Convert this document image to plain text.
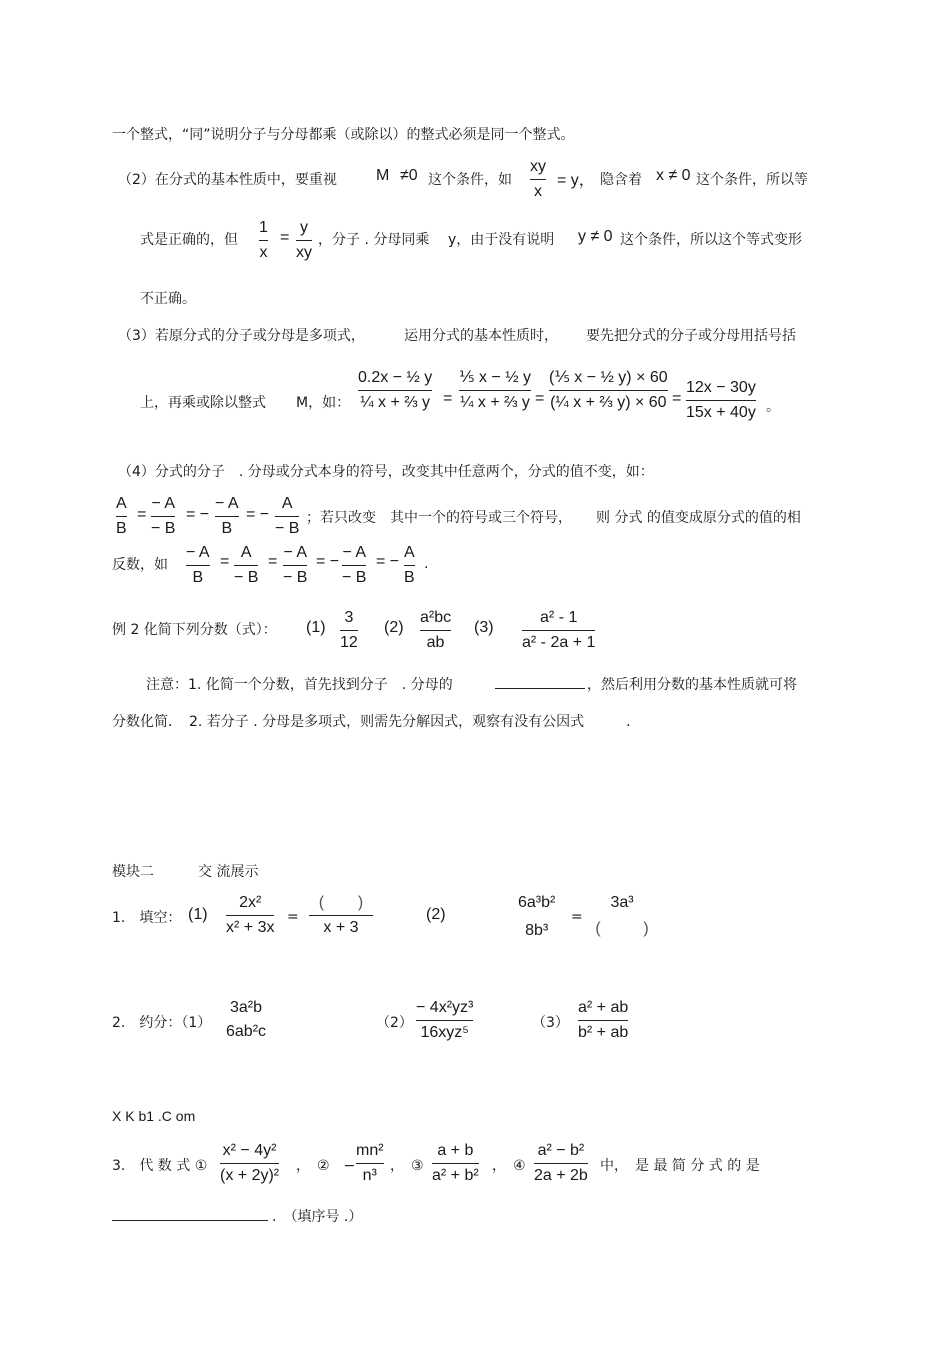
一个整式，“同”说明分子与分母都乘（或除以）的整式必须是同一个整式。
（2）在分式的基本性质中，要重视 M ≠0 这个条件，如
xy
x
= y， 隐含着 x ≠ 0 这个条件，所以等
式是正确的，但
1
x
=
y
xy
，分子 . 分母同乘 y，由于没有说明 y ≠ 0 这个条件，所以这个等式变形
不正确。
（3）若原分式的分子或分母是多项式，	运用分式的基本性质时， 要先把分式的分子或分母用括号括
上，再乘或除以整式 M，如：
0.2x − ½ y
¼ x + ⅔ y =
⅕ x − ½ y
¼ x + ⅔ y =
(⅕ x − ½ y) × 60
(¼ x + ⅔ y) × 60 =
12x − 30y
15x + 40y 。
（4）分式的分子　. 分母或分式本身的符号，改变其中任意两个，分式的值不变，如：
A
B
=
− A
− B
= −
− A
B
= −
A
− B
；若只改变　其中一个的符号或三个符号， 则 分式 的值变成原分式的值的相
反数，如
− A
B
=
A
− B
=
− A
− B
= −
− A
− B
= −
A
B
.
例 2 化简下列分数（式）： (1)
3
12
(2)
a²bc
ab
(3)
a² - 1
a² - 2a + 1
注意：1. 化简一个分数，首先找到分子　. 分母的	，然后利用分数的基本性质就可将
分数化简．　2. 若分子 . 分母是多项式，则需先分解因式，观察有没有公因式　　　.
模块二	交 流展示
1.　填空： (1)
2x²
x² + 3x
=
(　    )
x + 3
(2)
6a³b²
8b³
=
3a³
(　      )
2.　约分：（1）
3a²b
6ab²c	（2）
− 4x²yz³
16xyz⁵
（3）
a² + ab
b² + ab
X K b1 .C om
3.　代 数 式 ①
x² − 4y²
(x + 2y)²
，　②　−
mn²
n³
，　③
a + b
a² + b²
，　④
a² − b²
2a + 2b
中，　是 最 简 分 式 的 是
.　（填序号 .）
